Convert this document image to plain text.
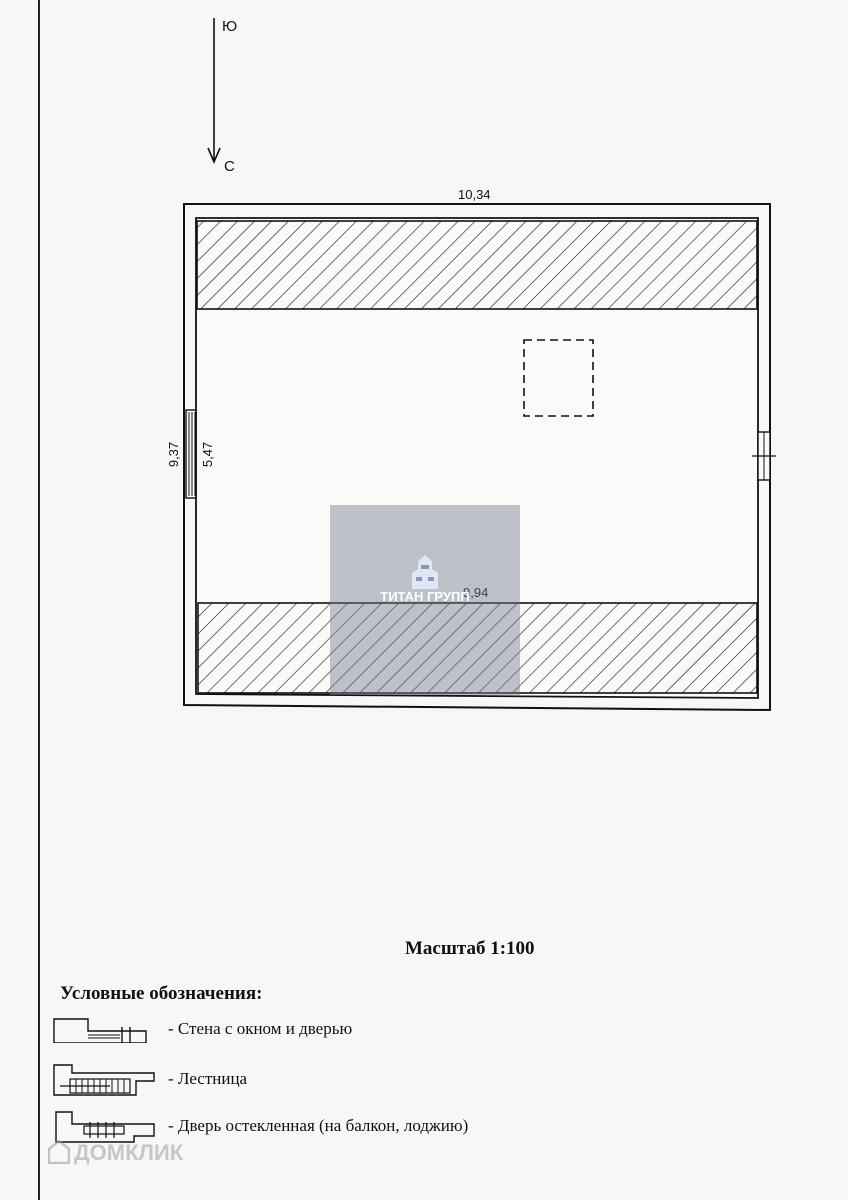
Ю
С
10,34
9,37 5,47
9,94
ТИТАН ГРУПП
Масштаб 1:100
Условные обозначения:
- Стена с окном и дверью
- Лестница
- Дверь остекленная (на балкон, лоджию)
ДОМКЛИК
